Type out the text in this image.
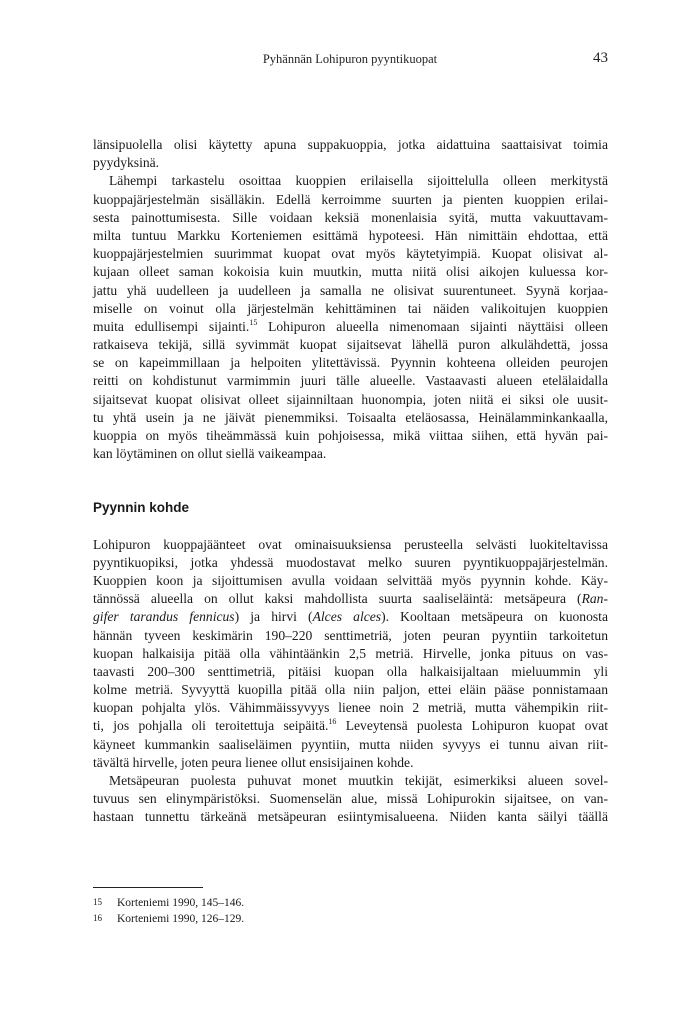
Pyhännän Lohipuron pyyntikuopat	43
länsipuolella olisi käytetty apuna suppakuoppia, jotka aidattuina saattaisivat toimia
pyydyksinä.
Lähempi tarkastelu osoittaa kuoppien erilaisella sijoittelulla olleen merkitystä
kuoppajärjestelmän sisälläkin. Edellä kerroimme suurten ja pienten kuoppien erilai-
sesta painottumisesta. Sille voidaan keksiä monenlaisia syitä, mutta vakuuttavam-
milta tuntuu Markku Korteniemen esittämä hypoteesi. Hän nimittäin ehdottaa, että
kuoppajärjestelmien suurimmat kuopat ovat myös käytetyimpiä. Kuopat olisivat al-
kujaan olleet saman kokoisia kuin muutkin, mutta niitä olisi aikojen kuluessa kor-
jattu yhä uudelleen ja uudelleen ja samalla ne olisivat suurentuneet. Syynä korjaa-
miselle on voinut olla järjestelmän kehittäminen tai näiden valikoitujen kuoppien
muita edullisempi sijainti.$^{15}$ Lohipuron alueella nimenomaan sijainti näyttäisi olleen
ratkaiseva tekijä, sillä syvimmät kuopat sijaitsevat lähellä puron alkulähdettä, jossa
se on kapeimmillaan ja helpoiten ylitettävissä. Pyynnin kohteena olleiden peurojen
reitti on kohdistunut varmimmin juuri tälle alueelle. Vastaavasti alueen etelälaidalla
sijaitsevat kuopat olisivat olleet sijainniltaan huonompia, joten niitä ei siksi ole uusit-
tu yhtä usein ja ne jäivät pienemmiksi. Toisaalta eteläosassa, Heinälamminkankaalla,
kuoppia on myös tiheämmässä kuin pohjoisessa, mikä viittaa siihen, että hyvän pai-
kan löytäminen on ollut siellä vaikeampaa.
Pyynnin kohde
Lohipuron kuoppajäänteet ovat ominaisuuksiensa perusteella selvästi luokiteltavissa
pyyntikuopiksi, jotka yhdessä muodostavat melko suuren pyyntikuoppajärjestelmän.
Kuoppien koon ja sijoittumisen avulla voidaan selvittää myös pyynnin kohde. Käy-
tännössä alueella on ollut kaksi mahdollista suurta saaliseläintä: metsäpeura (Ran-
gifer tarandus fennicus) ja hirvi (Alces alces). Kooltaan metsäpeura on kuonosta
hännän tyveen keskimärin 190–220 senttimetriä, joten peuran pyyntiin tarkoitetun
kuopan halkaisija pitää olla vähintäänkin 2,5 metriä. Hirvelle, jonka pituus on vas-
taavasti 200–300 senttimetriä, pitäisi kuopan olla halkaisijaltaan mieluummin yli
kolme metriä. Syvyyttä kuopilla pitää olla niin paljon, ettei eläin pääse ponnistamaan
kuopan pohjalta ylös. Vähimmäissyvyys lienee noin 2 metriä, mutta vähempikin riit-
ti, jos pohjalla oli teroitettuja seipäitä.$^{16}$ Leveytensä puolesta Lohipuron kuopat ovat
käyneet kummankin saaliseläimen pyyntiin, mutta niiden syvyys ei tunnu aivan riit-
tävältä hirvelle, joten peura lienee ollut ensisijainen kohde.
Metsäpeuran puolesta puhuvat monet muutkin tekijät, esimerkiksi alueen sovel-
tuvuus sen elinympäristöksi. Suomenselän alue, missä Lohipurokin sijaitsee, on van-
hastaan tunnettu tärkeänä metsäpeuran esiintymisalueena. Niiden kanta säilyi täällä
15 Korteniemi 1990, 145–146.
16 Korteniemi 1990, 126–129.
